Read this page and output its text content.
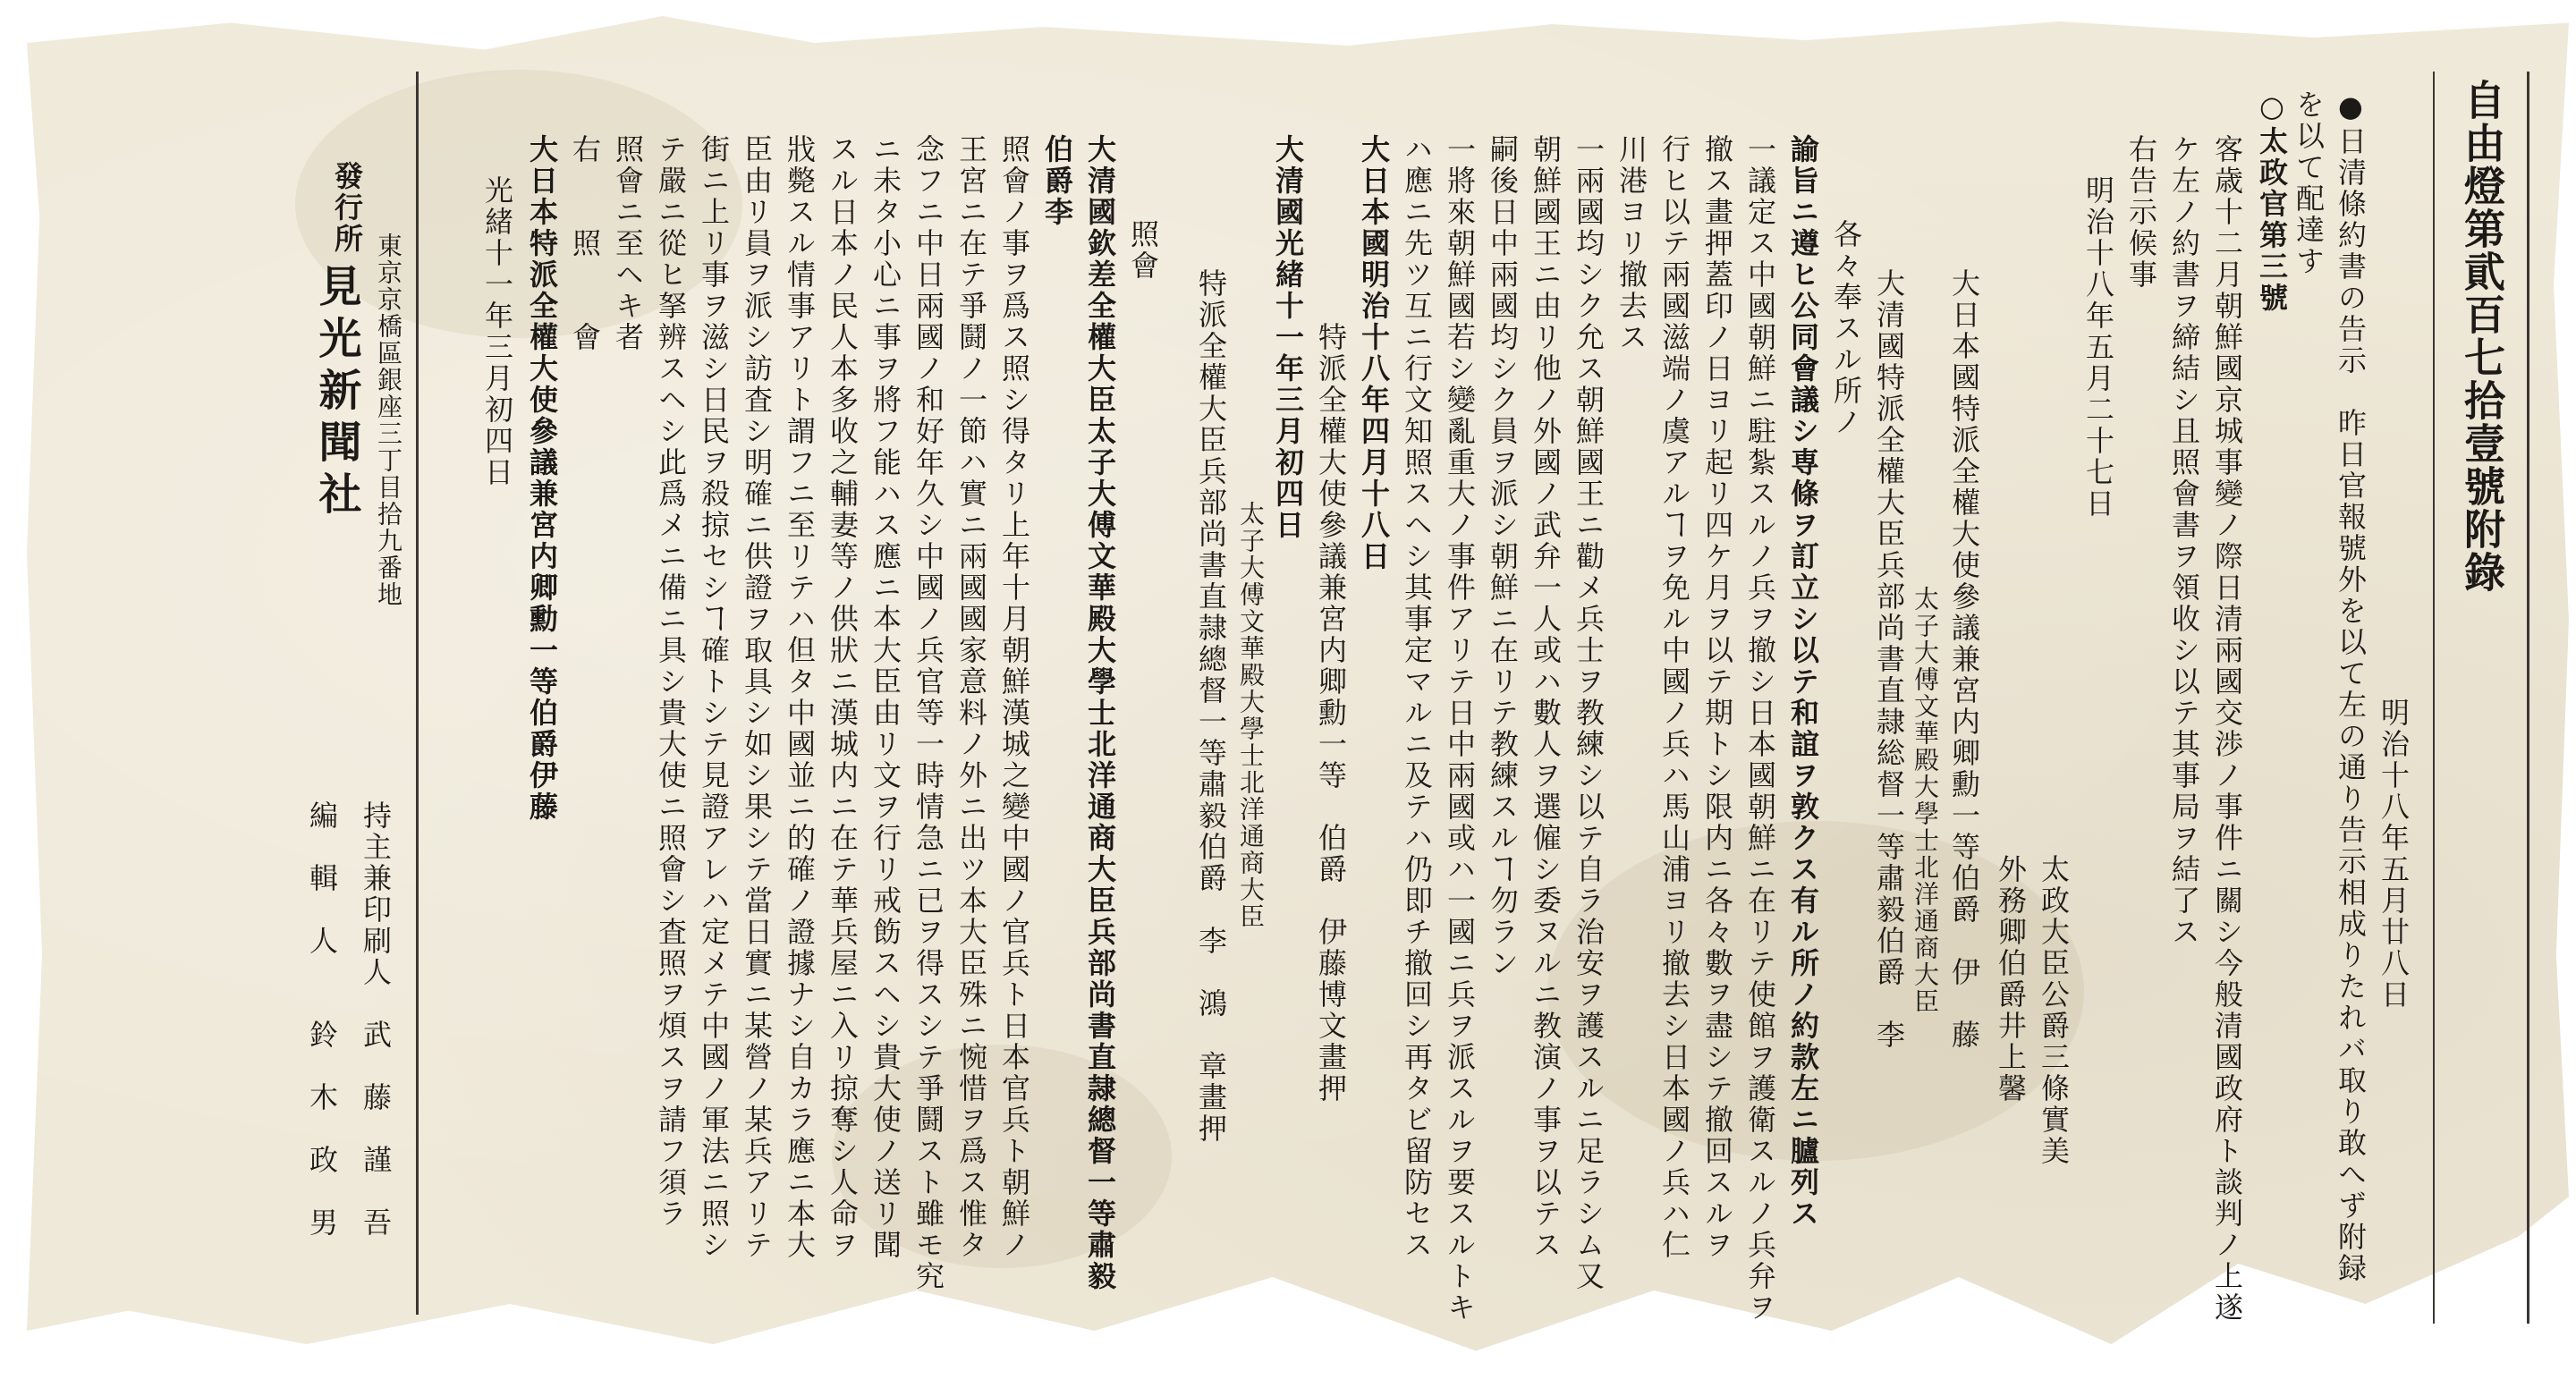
自由燈第貮百七拾壹號附錄
明治十八年五月廿八日
●日清條約書の告示　昨日官報號外を以て左の通り告示相成りたれバ取り敢へず附録
を以て配達す
○太政官第三號
客歳十二月朝鮮國京城事變ノ際日清兩國交渉ノ事件ニ關シ今般清國政府ト談判ノ上遂
ケ左ノ約書ヲ締結シ且照會書ヲ領收シ以テ其事局ヲ結了ス
右告示候事
明治十八年五月二十七日
太政大臣公爵三條實美
外務卿伯爵井上馨
大日本國特派全權大使參議兼宮内卿勳一等伯爵　伊　藤
太子大傅文華殿大學士北洋通商大臣
大清國特派全權大臣兵部尚書直隷総督一等肅毅伯爵　李
各々奉スル所ノ
諭旨ニ遵ヒ公同會議シ専條ヲ訂立シ以テ和誼ヲ敦クス有ル所ノ約款左ニ臚列ス
一議定ス中國朝鮮ニ駐紮スルノ兵ヲ撤シ日本國朝鮮ニ在リテ使館ヲ護衛スルノ兵弁ヲ
撤ス畫押蓋印ノ日ヨリ起リ四ケ月ヲ以テ期トシ限内ニ各々數ヲ盡シテ撤回スルヲ
行ヒ以テ兩國滋端ノ虞アルヿヲ免ル中國ノ兵ハ馬山浦ヨリ撤去シ日本國ノ兵ハ仁
川港ヨリ撤去ス
一兩國均シク允ス朝鮮國王ニ勸メ兵士ヲ教練シ以テ自ラ治安ヲ護スルニ足ラシム又
朝鮮國王ニ由リ他ノ外國ノ武弁一人或ハ數人ヲ選僱シ委ヌルニ教演ノ事ヲ以テス
嗣後日中兩國均シク員ヲ派シ朝鮮ニ在リテ教練スルヿ勿ラン
一將來朝鮮國若シ變亂重大ノ事件アリテ日中兩國或ハ一國ニ兵ヲ派スルヲ要スルトキ
ハ應ニ先ツ互ニ行文知照スヘシ其事定マルニ及テハ仍即チ撤回シ再タビ留防セス
大日本國明治十八年四月十八日
特派全權大使參議兼宮内卿勳一等　伯爵　伊藤博文畫押
大清國光緒十一年三月初四日
太子大傅文華殿大學士北洋通商大臣
特派全權大臣兵部尚書直隷總督一等肅毅伯爵　李　鴻　章畫押
照會
大清國欽差全權大臣太子大傅文華殿大學士北洋通商大臣兵部尚書直隷總督一等肅毅
伯爵李
照會ノ事ヲ爲ス照シ得タリ上年十月朝鮮漢城之變中國ノ官兵ト日本官兵ト朝鮮ノ
王宮ニ在テ爭鬪ノ一節ハ實ニ兩國國家意料ノ外ニ出ツ本大臣殊ニ惋惜ヲ爲ス惟タ
念フニ中日兩國ノ和好年久シ中國ノ兵官等一時情急ニ已ヲ得スシテ爭鬪スト雖モ究
ニ未タ小心ニ事ヲ將フ能ハス應ニ本大臣由リ文ヲ行リ戒飭スヘシ貴大使ノ送リ聞
スル日本ノ民人本多收之輔妻等ノ供狀ニ漢城内ニ在テ華兵屋ニ入リ掠奪シ人命ヲ
戕斃スル情事アリト謂フニ至リテハ但タ中國並ニ的確ノ證據ナシ自カラ應ニ本大
臣由リ員ヲ派シ訪査シ明確ニ供證ヲ取具シ如シ果シテ當日實ニ某營ノ某兵アリテ
街ニ上リ事ヲ滋シ日民ヲ殺掠セシヿ確トシテ見證アレハ定メテ中國ノ軍法ニ照シ
テ嚴ニ從ヒ拏辨スヘシ此爲メニ備ニ具シ貴大使ニ照會シ査照ヲ煩スヲ請フ須ラ
照會ニ至ヘキ者
右　　照　　會
大日本特派全權大使參議兼宮内卿勳一等伯爵伊藤
光緒十一年三月初四日
東京京橋區銀座三丁目拾九番地
發行所
見光新聞社
持主兼印刷人　武　藤　謹　吾
編　輯　人　　鈴　木　政　男
